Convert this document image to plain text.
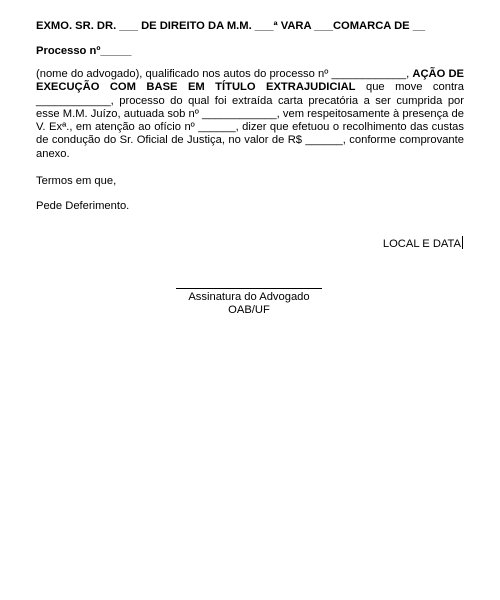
EXMO. SR. DR. ___ DE DIREITO DA M.M. ___ª VARA ___COMARCA DE __

Processo nº_____

(nome do advogado), qualificado nos autos do processo nº ____________, AÇÃO DE EXECUÇÃO COM BASE EM TÍTULO EXTRAJUDICIAL que move contra ____________, processo do qual foi extraída carta precatória a ser cumprida por esse M.M. Juízo, autuada sob nº ____________, vem respeitosamente à presença de V. Exª., em atenção ao ofício nº ______, dizer que efetuou o recolhimento das custas de condução do Sr. Oficial de Justiça, no valor de R$ ______, conforme comprovante anexo.

Termos em que,

Pede Deferimento.

LOCAL E DATA

Assinatura do Advogado
OAB/UF
